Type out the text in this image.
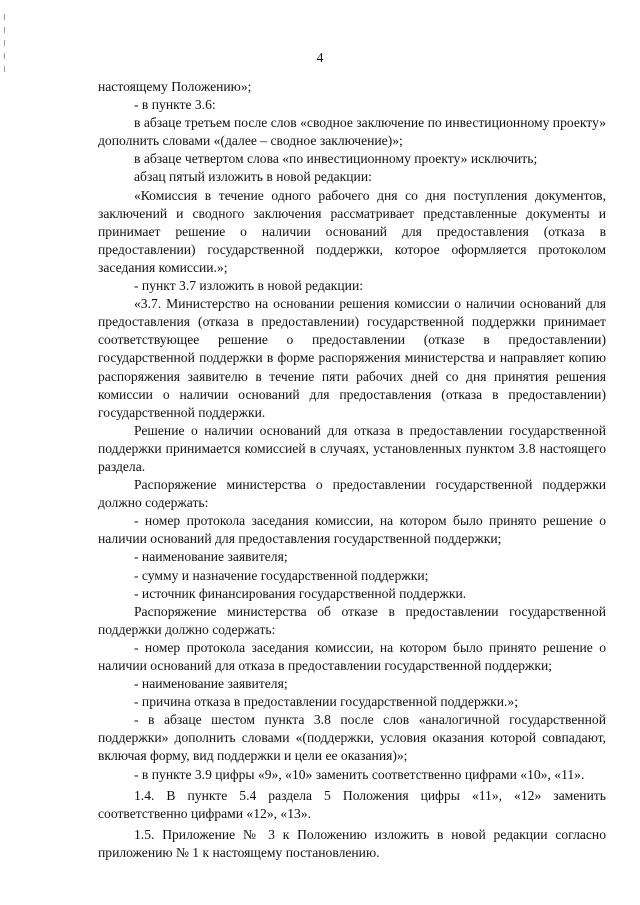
4

настоящему Положению»;

- в пункте 3.6:

в абзаце третьем после слов «сводное заключение по инвестиционному проекту» дополнить словами «(далее – сводное заключение)»;

в абзаце четвертом слова «по инвестиционному проекту» исключить;

абзац пятый изложить в новой редакции:

«Комиссия в течение одного рабочего дня со дня поступления документов, заключений и сводного заключения рассматривает представленные документы и принимает решение о наличии оснований для предоставления (отказа в предоставлении) государственной поддержки, которое оформляется протоколом заседания комиссии.»;

- пункт 3.7 изложить в новой редакции:

«3.7. Министерство на основании решения комиссии о наличии оснований для предоставления (отказа в предоставлении) государственной поддержки принимает соответствующее решение о предоставлении (отказе в предоставлении) государственной поддержки в форме распоряжения министерства и направляет копию распоряжения заявителю в течение пяти рабочих дней со дня принятия решения комиссии о наличии оснований для предоставления (отказа в предоставлении) государственной поддержки.

Решение о наличии оснований для отказа в предоставлении государственной поддержки принимается комиссией в случаях, установленных пунктом 3.8 настоящего раздела.

Распоряжение министерства о предоставлении государственной поддержки должно содержать:

- номер протокола заседания комиссии, на котором было принято решение о наличии оснований для предоставления государственной поддержки;

- наименование заявителя;

- сумму и назначение государственной поддержки;

- источник финансирования государственной поддержки.

Распоряжение министерства об отказе в предоставлении государственной поддержки должно содержать:

- номер протокола заседания комиссии, на котором было принято решение о наличии оснований для отказа в предоставлении государственной поддержки;

- наименование заявителя;

- причина отказа в предоставлении государственной поддержки.»;

- в абзаце шестом пункта 3.8 после слов «аналогичной государственной поддержки» дополнить словами «(поддержки, условия оказания которой совпадают, включая форму, вид поддержки и цели ее оказания)»;

- в пункте 3.9 цифры «9», «10» заменить соответственно цифрами «10», «11».

1.4. В пункте 5.4 раздела 5 Положения цифры «11», «12» заменить соответственно цифрами «12», «13».

1.5. Приложение № 3 к Положению изложить в новой редакции согласно приложению № 1 к настоящему постановлению.
